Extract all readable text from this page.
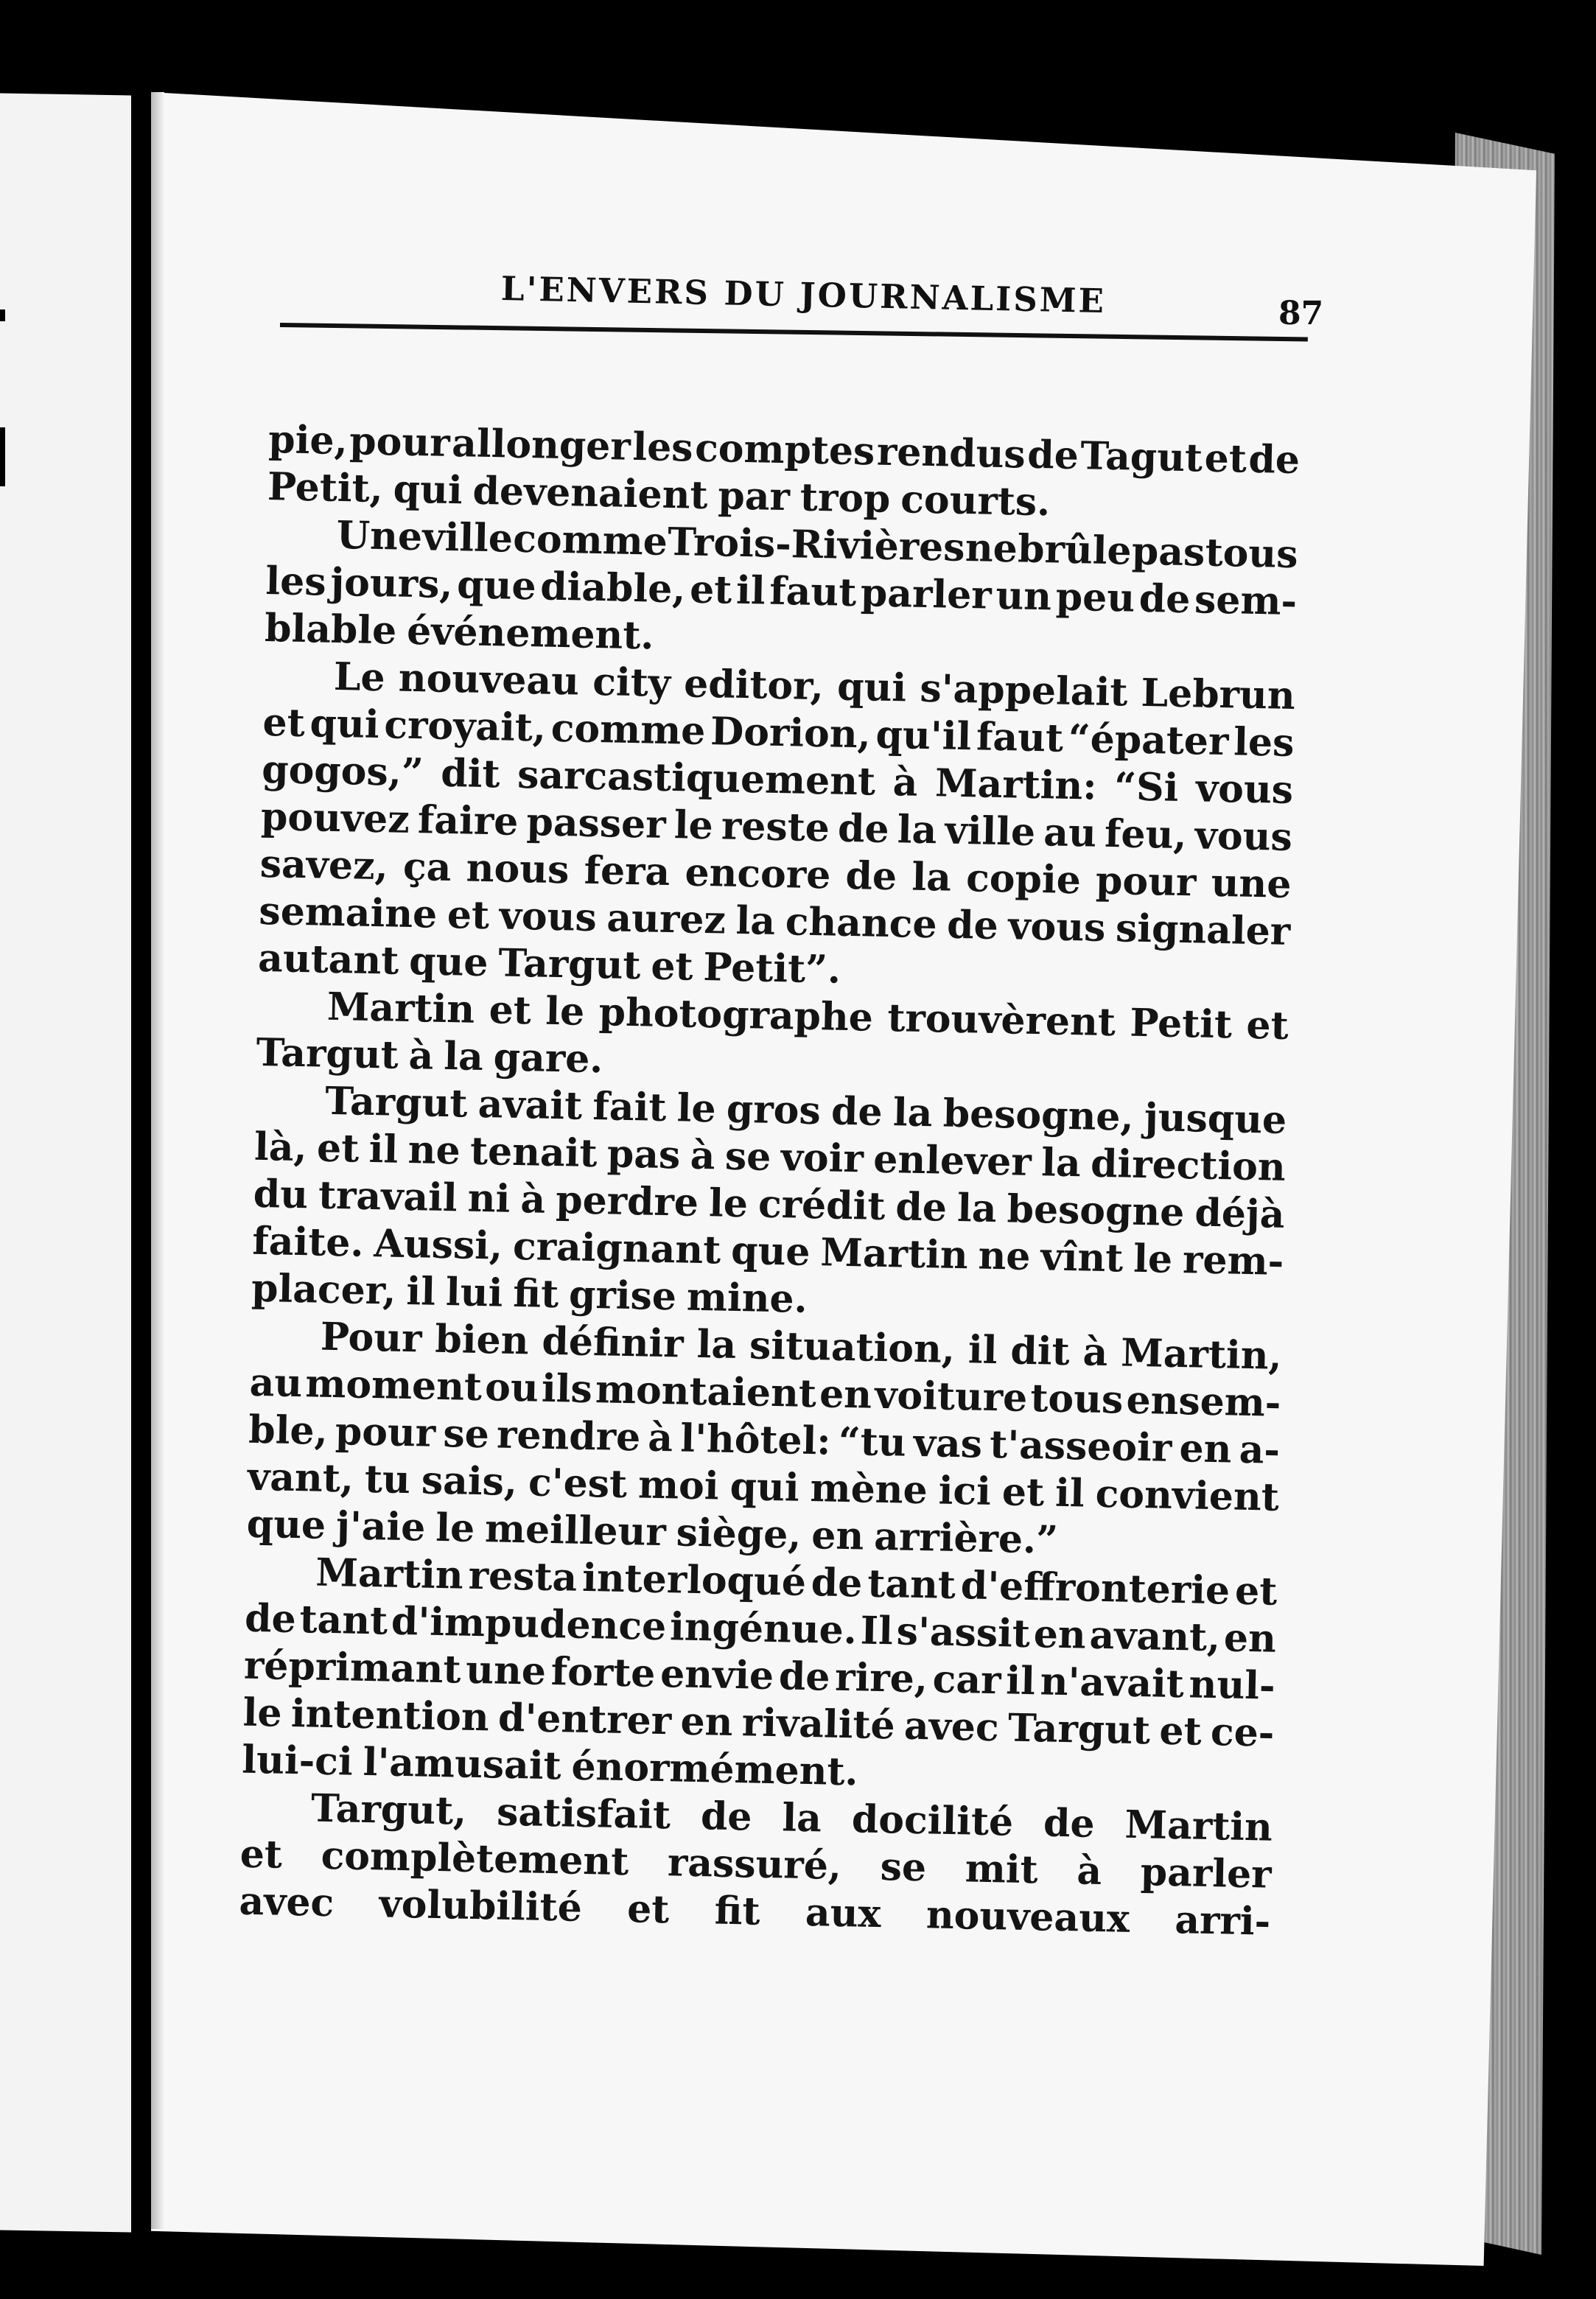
L'ENVERS DU JOURNALISME	87
pie, pour allonger les comptes rendus de Tagut et de
Petit, qui devenaient par trop courts.
Une ville comme Trois-Rivières ne brûle pas tous
les jours, que diable, et il faut parler un peu de sem-
blable événement.
Le nouveau city editor, qui s'appelait Lebrun
et qui croyait, comme Dorion, qu'il faut “épater les
gogos,” dit sarcastiquement à Martin: “Si vous
pouvez faire passer le reste de la ville au feu, vous
savez, ça nous fera encore de la copie pour une
semaine et vous aurez la chance de vous signaler
autant que Targut et Petit”.
Martin et le photographe trouvèrent Petit et
Targut à la gare.
Targut avait fait le gros de la besogne, jusque
là, et il ne tenait pas à se voir enlever la direction
du travail ni à perdre le crédit de la besogne déjà
faite. Aussi, craignant que Martin ne vînt le rem-
placer, il lui fit grise mine.
Pour bien définir la situation, il dit à Martin,
au moment ou ils montaient en voiture tous ensem-
ble, pour se rendre à l'hôtel: “tu vas t'asseoir en a-
vant, tu sais, c'est moi qui mène ici et il convient
que j'aie le meilleur siège, en arrière.”
Martin resta interloqué de tant d'effronterie et
de tant d'impudence ingénue. Il s'assit en avant, en
réprimant une forte envie de rire, car il n'avait nul-
le intention d'entrer en rivalité avec Targut et ce-
lui-ci l'amusait énormément.
Targut, satisfait de la docilité de Martin
et complètement rassuré, se mit à parler
avec volubilité et fit aux nouveaux arri-
